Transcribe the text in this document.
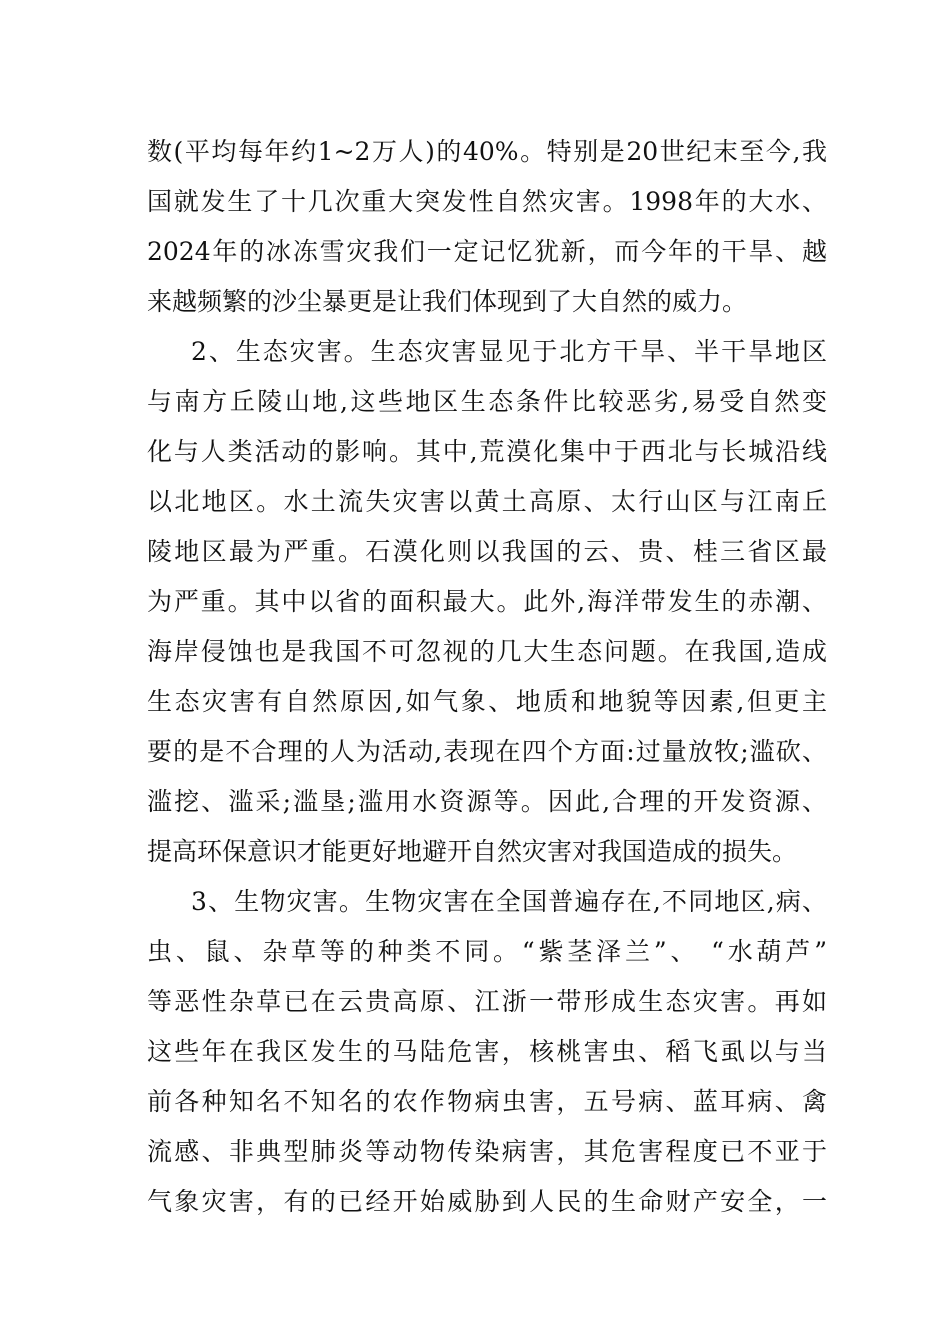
数(平均每年约1~2万人)的40%。特别是20世纪末至今,我
国就发生了十几次重大突发性自然灾害。1998年的大水、
2024年的冰冻雪灾我们一定记忆犹新，而今年的干旱、越
来越频繁的沙尘暴更是让我们体现到了大自然的威力。
2、生态灾害。生态灾害显见于北方干旱、半干旱地区
与南方丘陵山地,这些地区生态条件比较恶劣,易受自然变
化与人类活动的影响。其中,荒漠化集中于西北与长城沿线
以北地区。水土流失灾害以黄土高原、太行山区与江南丘
陵地区最为严重。石漠化则以我国的云、贵、桂三省区最
为严重。其中以省的面积最大。此外,海洋带发生的赤潮、
海岸侵蚀也是我国不可忽视的几大生态问题。在我国,造成
生态灾害有自然原因,如气象、地质和地貌等因素,但更主
要的是不合理的人为活动,表现在四个方面:过量放牧;滥砍、
滥挖、滥采;滥垦;滥用水资源等。因此,合理的开发资源、
提高环保意识才能更好地避开自然灾害对我国造成的损失。
3、生物灾害。生物灾害在全国普遍存在,不同地区,病、
虫、鼠、杂草等的种类不同。“紫茎泽兰”、 “水葫芦”
等恶性杂草已在云贵高原、江浙一带形成生态灾害。再如
这些年在我区发生的马陆危害，核桃害虫、稻飞虱以与当
前各种知名不知名的农作物病虫害，五号病、蓝耳病、禽
流感、非典型肺炎等动物传染病害，其危害程度已不亚于
气象灾害，有的已经开始威胁到人民的生命财产安全，一
